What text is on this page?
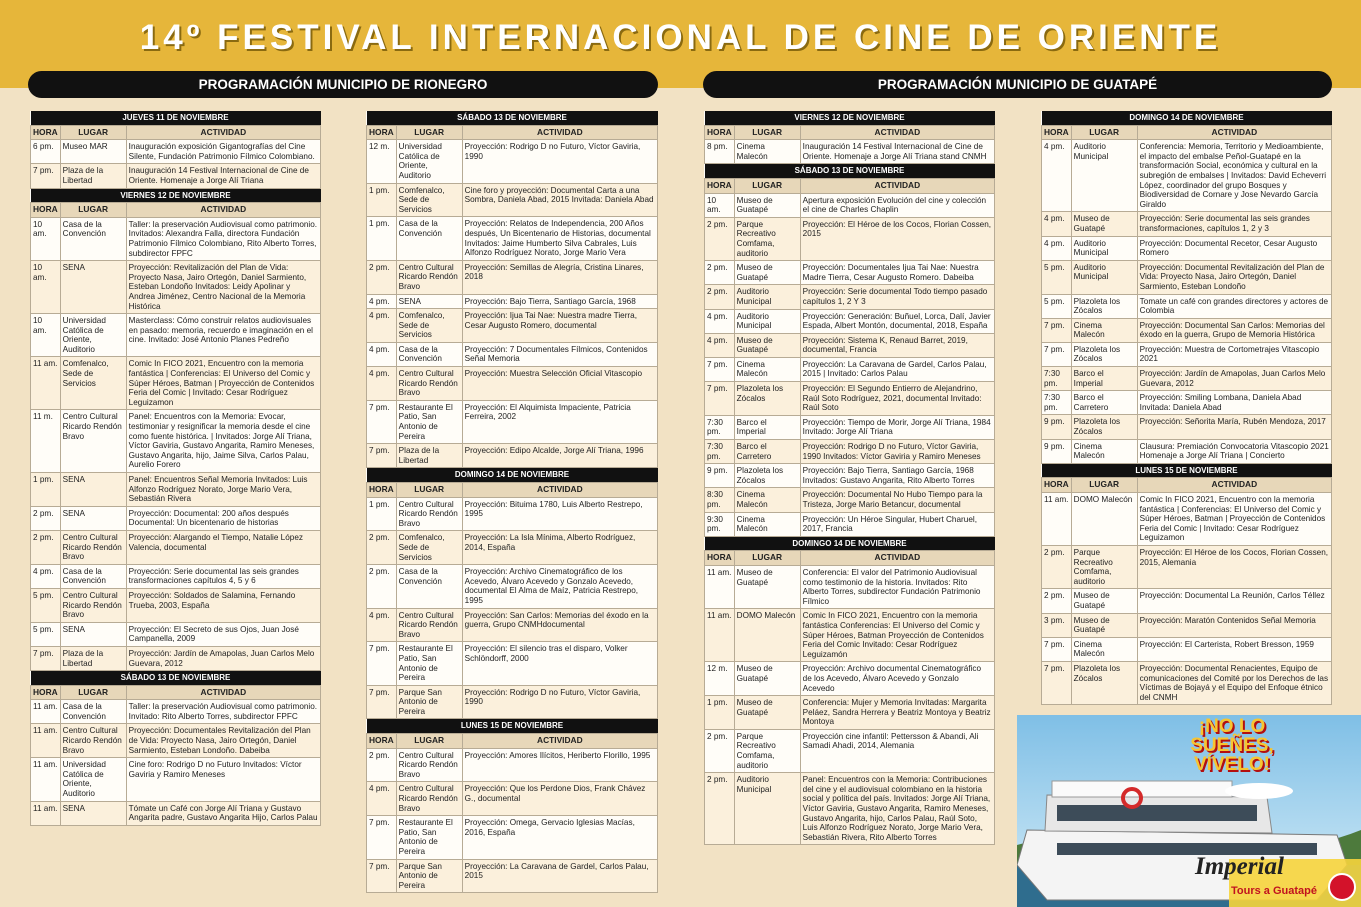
14º FESTIVAL INTERNACIONAL DE CINE DE ORIENTE
PROGRAMACIÓN MUNICIPIO DE RIONEGRO	PROGRAMACIÓN MUNICIPIO DE GUATAPÉ
JUEVES 11 DE NOVIEMBRE		
HORA	LUGAR	ACTIVIDAD
6 pm.	Museo MAR	Inauguración exposición Gigantografías del Cine Silente, Fundación Patrimonio Fílmico Colombiano.
7 pm.	Plaza de la Libertad	Inauguración 14 Festival Internacional de Cine de Oriente. Homenaje a Jorge Alí Triana
VIERNES 12 DE NOVIEMBRE		
HORA	LUGAR	ACTIVIDAD
10 am.	Casa de la Convención	Taller: la preservación Audiovisual como patrimonio. Invitados: Alexandra Falla, directora Fundación Patrimonio Fílmico Colombiano, Rito Alberto Torres, subdirector FPFC
10 am.	SENA	Proyección: Revitalización del Plan de Vida: Proyecto Nasa, Jairo Ortegón, Daniel Sarmiento, Esteban Londoño Invitados: Leidy Apolinar y Andrea Jiménez, Centro Nacional de la Memoria Histórica
10 am.	Universidad Católica de Oriente, Auditorio	Masterclass: Cómo construir relatos audiovisuales en pasado: memoria, recuerdo e imaginación en el cine. Invitado: José Antonio Planes Pedreño
11 am.	Comfenalco, Sede de Servicios	Comic In FICO 2021, Encuentro con la memoria fantástica | Conferencias: El Universo del Comic y Súper Héroes, Batman | Proyección de Contenidos Feria del Comic | Invitado: Cesar Rodríguez Leguizamon
11 m.	Centro Cultural Ricardo Rendón Bravo	Panel: Encuentros con la Memoria: Evocar, testimoniar y resignificar la memoria desde el cine como fuente histórica. | Invitados: Jorge Alí Triana, Víctor Gaviria, Gustavo Angarita, Ramiro Meneses, Gustavo Angarita, hijo, Jaime Silva, Carlos Palau, Aurelio Forero
1 pm.	SENA	Panel: Encuentros Señal Memoria Invitados: Luis Alfonzo Rodríguez Norato, Jorge Mario Vera, Sebastián Rivera
2 pm.	SENA	Proyección: Documental: 200 años después Documental: Un bicentenario de historias
2 pm.	Centro Cultural Ricardo Rendón Bravo	Proyección: Alargando el Tiempo, Natalie López Valencia, documental
4 pm.	Casa de la Convención	Proyección: Serie documental las seis grandes transformaciones capítulos 4, 5 y 6
5 pm.	Centro Cultural Ricardo Rendón Bravo	Proyección: Soldados de Salamina, Fernando Trueba, 2003, España
5 pm.	SENA	Proyección: El Secreto de sus Ojos, Juan José Campanella, 2009
7 pm.	Plaza de la Libertad	Proyección: Jardín de Amapolas, Juan Carlos Melo Guevara, 2012
SÁBADO 13 DE NOVIEMBRE		
HORA	LUGAR	ACTIVIDAD
11 am.	Casa de la Convención	Taller: la preservación Audiovisual como patrimonio. Invitado: Rito Alberto Torres, subdirector FPFC
11 am.	Centro Cultural Ricardo Rendón Bravo	Proyección: Documentales Revitalización del Plan de Vida: Proyecto Nasa, Jairo Ortegón, Daniel Sarmiento, Esteban Londoño. Dabeiba
11 am.	Universidad Católica de Oriente, Auditorio	Cine foro: Rodrigo D no Futuro Invitados: Víctor Gaviria y Ramiro Meneses
11 am.	SENA	Tómate un Café con Jorge Alí Triana y Gustavo Angarita padre, Gustavo Angarita Hijo, Carlos Palau
SÁBADO 13 DE NOVIEMBRE		
HORA	LUGAR	ACTIVIDAD
12 m.	Universidad Católica de Oriente, Auditorio	Proyección: Rodrigo D no Futuro, Víctor Gaviria, 1990
1 pm.	Comfenalco, Sede de Servicios	Cine foro y proyección: Documental Carta a una Sombra, Daniela Abad, 2015 Invitada: Daniela Abad
1 pm.	Casa de la Convención	Proyección: Relatos de Independencia, 200 Años después, Un Bicentenario de Historias, documental Invitados: Jaime Humberto Silva Cabrales, Luis Alfonzo Rodríguez Norato, Jorge Mario Vera
2 pm.	Centro Cultural Ricardo Rendón Bravo	Proyección: Semillas de Alegría, Cristina Linares, 2018
4 pm.	SENA	Proyección: Bajo Tierra, Santiago García, 1968
4 pm.	Comfenalco, Sede de Servicios	Proyección: Ijua Tai Nae: Nuestra madre Tierra, Cesar Augusto Romero, documental
4 pm.	Casa de la Convención	Proyección: 7 Documentales Fílmicos, Contenidos Señal Memoria
4 pm.	Centro Cultural Ricardo Rendón Bravo	Proyección: Muestra Selección Oficial Vitascopio
7 pm.	Restaurante El Patio, San Antonio de Pereira	Proyección: El Alquimista Impaciente, Patricia Ferreira, 2002
7 pm.	Plaza de la Libertad	Proyección: Edipo Alcalde, Jorge Alí Triana, 1996
DOMINGO 14 DE NOVIEMBRE		
HORA	LUGAR	ACTIVIDAD
1 pm.	Centro Cultural Ricardo Rendón Bravo	Proyección: Bituima 1780, Luis Alberto Restrepo, 1995
2 pm.	Comfenalco, Sede de Servicios	Proyección: La Isla Mínima, Alberto Rodríguez, 2014, España
2 pm.	Casa de la Convención	Proyección: Archivo Cinematográfico de los Acevedo, Álvaro Acevedo y Gonzalo Acevedo, documental El Alma de Maíz, Patricia Restrepo, 1995
4 pm.	Centro Cultural Ricardo Rendón Bravo	Proyección: San Carlos: Memorias del éxodo en la guerra, Grupo CNMHdocumental
7 pm.	Restaurante El Patio, San Antonio de Pereira	Proyección: El silencio tras el disparo, Volker Schlöndorff, 2000
7 pm.	Parque San Antonio de Pereira	Proyección: Rodrigo D no Futuro, Víctor Gaviria, 1990
LUNES 15 DE NOVIEMBRE		
HORA	LUGAR	ACTIVIDAD
2 pm.	Centro Cultural Ricardo Rendón Bravo	Proyección: Amores Ilícitos, Heriberto Florillo, 1995
4 pm.	Centro Cultural Ricardo Rendón Bravo	Proyección: Que los Perdone Dios, Frank Chávez G., documental
7 pm.	Restaurante El Patio, San Antonio de Pereira	Proyección: Omega, Gervacio Iglesias Macías, 2016, España
7 pm.	Parque San Antonio de Pereira	Proyección: La Caravana de Gardel, Carlos Palau, 2015
VIERNES 12 DE NOVIEMBRE		
HORA	LUGAR	ACTIVIDAD
8 pm.	Cinema Malecón	Inauguración 14 Festival Internacional de Cine de Oriente. Homenaje a Jorge Alí Triana stand CNMH
SÁBADO 13 DE NOVIEMBRE		
HORA	LUGAR	ACTIVIDAD
10 am.	Museo de Guatapé	Apertura exposición Evolución del cine y colección el cine de Charles Chaplin
2 pm.	Parque Recreativo Comfama, auditorio	Proyección: El Héroe de los Cocos, Florian Cossen, 2015
2 pm.	Museo de Guatapé	Proyección: Documentales Ijua Tai Nae: Nuestra Madre Tierra, Cesar Augusto Romero. Dabeiba
2 pm.	Auditorio Municipal	Proyección: Serie documental Todo tiempo pasado capítulos 1, 2 Y 3
4 pm.	Auditorio Municipal	Proyección: Generación: Buñuel, Lorca, Dalí, Javier Espada, Albert Montón, documental, 2018, España
4 pm.	Museo de Guatapé	Proyección: Sistema K, Renaud Barret, 2019, documental, Francia
7 pm.	Cinema Malecón	Proyección: La Caravana de Gardel, Carlos Palau, 2015 | Invitado: Carlos Palau
7 pm.	Plazoleta los Zócalos	Proyección: El Segundo Entierro de Alejandrino, Raúl Soto Rodríguez, 2021, documental Invitado: Raúl Soto
7:30 pm.	Barco el Imperial	Proyección: Tiempo de Morir, Jorge Alí Triana, 1984 Invitado: Jorge Alí Triana
7:30 pm.	Barco el Carretero	Proyección: Rodrigo D no Futuro, Víctor Gaviria, 1990 Invitados: Víctor Gaviria y Ramiro Meneses
9 pm.	Plazoleta los Zócalos	Proyección: Bajo Tierra, Santiago García, 1968 Invitados: Gustavo Angarita, Rito Alberto Torres
8:30 pm.	Cinema Malecón	Proyección: Documental No Hubo Tiempo para la Tristeza, Jorge Mario Betancur, documental
9:30 pm.	Cinema Malecón	Proyección: Un Héroe Singular, Hubert Charuel, 2017, Francia
DOMINGO 14 DE NOVIEMBRE		
HORA	LUGAR	ACTIVIDAD
11 am.	Museo de Guatapé	Conferencia: El valor del Patrimonio Audiovisual como testimonio de la historia. Invitados: Rito Alberto Torres, subdirector Fundación Patrimonio Fílmico
11 am.	DOMO Malecón	Comic In FICO 2021, Encuentro con la memoria fantástica Conferencias: El Universo del Comic y Súper Héroes, Batman Proyección de Contenidos Feria del Comic Invitado: Cesar Rodríguez Leguizamón
12 m.	Museo de Guatapé	Proyección: Archivo documental Cinematográfico de los Acevedo, Álvaro Acevedo y Gonzalo Acevedo
1 pm.	Museo de Guatapé	Conferencia: Mujer y Memoria Invitadas: Margarita Peláez, Sandra Herrera y Beatriz Montoya y Beatriz Montoya
2 pm.	Parque Recreativo Comfama, auditorio	Proyección cine infantil: Pettersson & Abandi, Ali Samadi Ahadi, 2014, Alemania
2 pm.	Auditorio Municipal	Panel: Encuentros con la Memoria: Contribuciones del cine y el audiovisual colombiano en la historia social y política del país. Invitados: Jorge Alí Triana, Víctor Gaviria, Gustavo Angarita, Ramiro Meneses, Gustavo Angarita, hijo, Carlos Palau, Raúl Soto, Luis Alfonzo Rodríguez Norato, Jorge Mario Vera, Sebastián Rivera, Rito Alberto Torres
DOMINGO 14 DE NOVIEMBRE		
HORA	LUGAR	ACTIVIDAD
4 pm.	Auditorio Municipal	Conferencia: Memoria, Territorio y Medioambiente, el impacto del embalse Peñol-Guatapé en la transformación Social, económica y cultural en la subregión de embalses | Invitados: David Echeverri López, coordinador del grupo Bosques y Biodiversidad de Cornare y Jose Nevardo García Giraldo
4 pm.	Museo de Guatapé	Proyección: Serie documental las seis grandes transformaciones, capítulos 1, 2 y 3
4 pm.	Auditorio Municipal	Proyección: Documental Recetor, Cesar Augusto Romero
5 pm.	Auditorio Municipal	Proyección: Documental Revitalización del Plan de Vida: Proyecto Nasa, Jairo Ortegón, Daniel Sarmiento, Esteban Londoño
5 pm.	Plazoleta los Zócalos	Tomate un café con grandes directores y actores de Colombia
7 pm.	Cinema Malecón	Proyección: Documental San Carlos: Memorias del éxodo en la guerra, Grupo de Memoria Histórica
7 pm.	Plazoleta los Zócalos	Proyección: Muestra de Cortometrajes Vitascopio 2021
7:30 pm.	Barco el Imperial	Proyección: Jardín de Amapolas, Juan Carlos Melo Guevara, 2012
7:30 pm.	Barco el Carretero	Proyección: Smiling Lombana, Daniela Abad Invitada: Daniela Abad
9 pm.	Plazoleta los Zócalos	Proyección: Señorita María, Rubén Mendoza, 2017
9 pm.	Cinema Malecón	Clausura: Premiación Convocatoria Vitascopio 2021 Homenaje a Jorge Alí Triana | Concierto
LUNES 15 DE NOVIEMBRE		
HORA	LUGAR	ACTIVIDAD
11 am.	DOMO Malecón	Comic In FICO 2021, Encuentro con la memoria fantástica | Conferencias: El Universo del Comic y Súper Héroes, Batman | Proyección de Contenidos Feria del Comic | Invitado: Cesar Rodríguez Leguizamon
2 pm.	Parque Recreativo Comfama, auditorio	Proyección: El Héroe de los Cocos, Florian Cossen, 2015, Alemania
2 pm.	Museo de Guatapé	Proyección: Documental La Reunión, Carlos Téllez
3 pm.	Museo de Guatapé	Proyección: Maratón Contenidos Señal Memoria
7 pm.	Cinema Malecón	Proyección: El Carterista, Robert Bresson, 1959
7 pm.	Plazoleta los Zócalos	Proyección: Documental Renacientes, Equipo de comunicaciones del Comité por los Derechos de las Víctimas de Bojayá y el Equipo del Enfoque étnico del CNMH
¡NO LO SUEÑES, VÍVELO!
Imperial
Tours a Guatapé
